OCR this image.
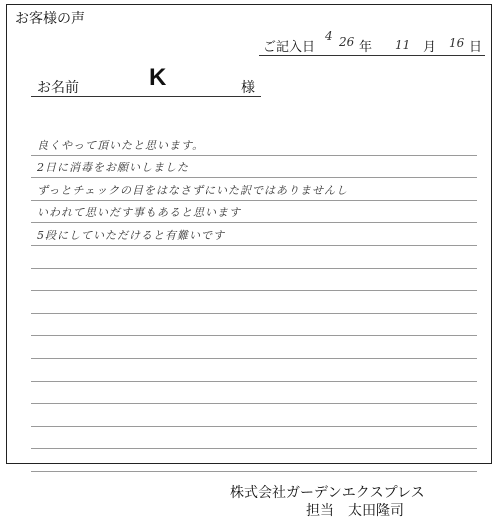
お客様の声
ご記入日
4 26 年 11 月 16 日
お名前	K	様
良くやって頂いたと思います。
2日に消毒をお願いしました
ずっとチェックの目をはなさずにいた訳ではありませんし
いわれて思いだす事もあると思います
5段にしていただけると有難いです
株式会社ガーデンエクスプレス
担当　太田隆司
